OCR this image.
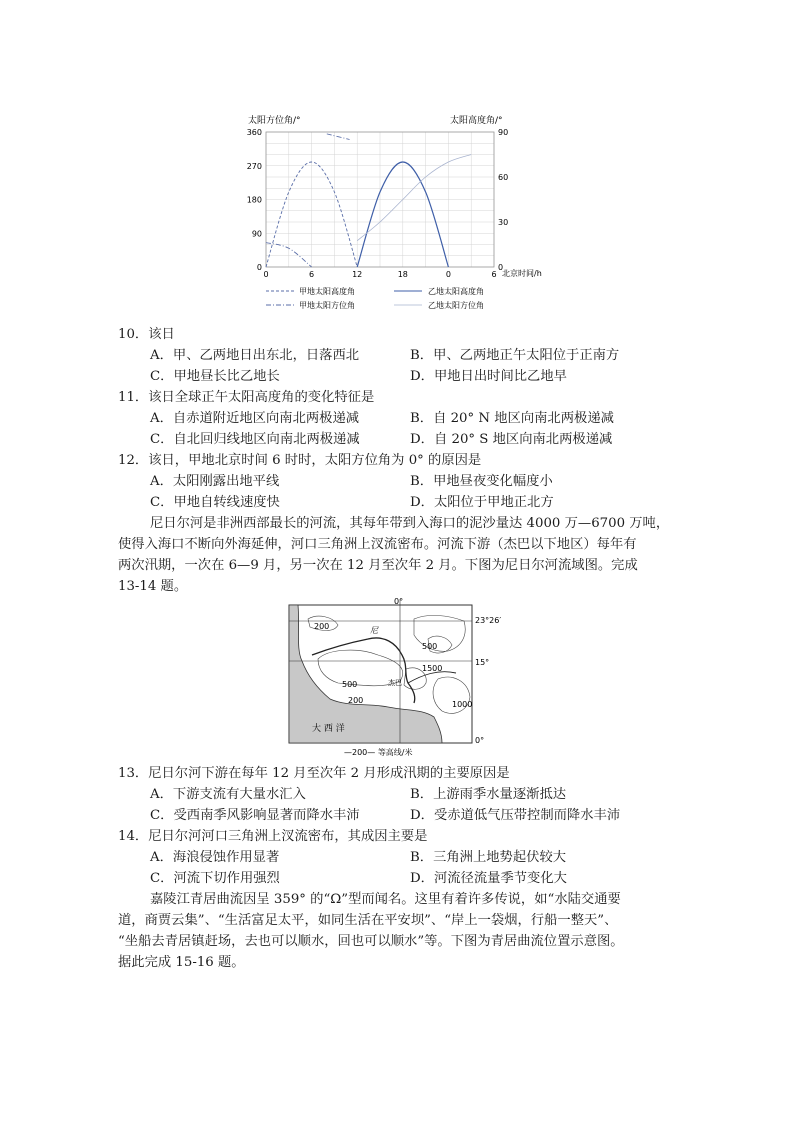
太阳方位角/°	太阳高度角/°
360
270
180
90
0
90
60
30
0
0	6	12	18	0	6 北京时间/h
甲地太阳高度角	乙地太阳高度角
甲地太阳方位角	乙地太阳方位角
10．该日
A．甲、乙两地日出东北，日落西北	B．甲、乙两地正午太阳位于正南方
C．甲地昼长比乙地长	D．甲地日出时间比乙地早
11．该日全球正午太阳高度角的变化特征是
A．自赤道附近地区向南北两极递减	B．自 20° N 地区向南北两极递减
C．自北回归线地区向南北两极递减	D．自 20° S 地区向南北两极递减
12．该日，甲地北京时间 6 时时，太阳方位角为 0° 的原因是
A．太阳刚露出地平线	B．甲地昼夜变化幅度小
C．甲地自转线速度快	D．太阳位于甲地正北方
尼日尔河是非洲西部最长的河流，其每年带到入海口的泥沙量达 4000 万—6700 万吨，
使得入海口不断向外海延伸，河口三角洲上汊流密布。河流下游（杰巴以下地区）每年有
两次汛期，一次在 6—9 月，另一次在 12 月至次年 2 月。下图为尼日尔河流域图。完成
13-14 题。
0°
23°26′
15°
0°
200
500
1500
500
200	1000
尼
杰巴
大 西 洋
—200— 等高线/米
13．尼日尔河下游在每年 12 月至次年 2 月形成汛期的主要原因是
A．下游支流有大量水汇入	B．上游雨季水量逐渐抵达
C．受西南季风影响显著而降水丰沛	D．受赤道低气压带控制而降水丰沛
14．尼日尔河河口三角洲上汊流密布，其成因主要是
A．海浪侵蚀作用显著	B．三角洲上地势起伏较大
C．河流下切作用强烈	D．河流径流量季节变化大
嘉陵江青居曲流因呈 359° 的“Ω”型而闻名。这里有着许多传说，如“水陆交通要
道，商贾云集”、“生活富足太平，如同生活在平安坝”、“岸上一袋烟，行船一整天”、
“坐船去青居镇赶场，去也可以顺水，回也可以顺水”等。下图为青居曲流位置示意图。
据此完成 15-16 题。
